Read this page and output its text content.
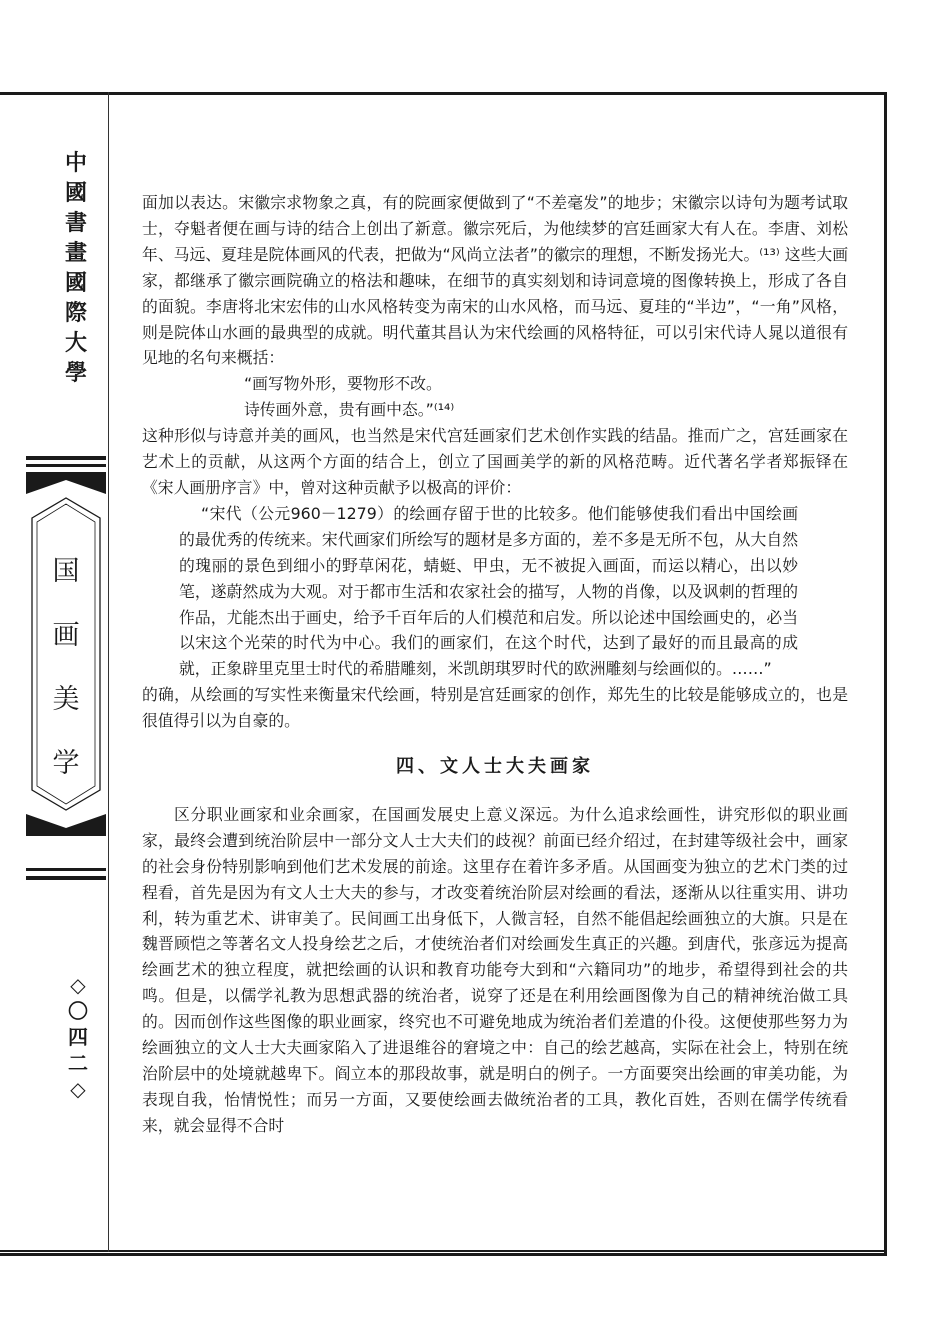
中
國
書
畫
國
際
大
學
国
画
美
学
◇
〇
四
二
◇

面加以表达。宋徽宗求物象之真，有的院画家便做到了“不差毫发”的地步；宋徽宗以诗句为题考试取士，夺魁者便在画与诗的结合上创出了新意。徽宗死后，为他续梦的宫廷画家大有人在。李唐、刘松年、马远、夏珪是院体画风的代表，把做为“风尚立法者”的徽宗的理想，不断发扬光大。⁽¹³⁾ 这些大画家，都继承了徽宗画院确立的格法和趣味，在细节的真实刻划和诗词意境的图像转换上，形成了各自的面貌。李唐将北宋宏伟的山水风格转变为南宋的山水风格，而马远、夏珪的“半边”，“一角”风格，则是院体山水画的最典型的成就。明代董其昌认为宋代绘画的风格特征，可以引宋代诗人晁以道很有见地的名句来概括：

“画写物外形，要物形不改。

诗传画外意，贵有画中态。”⁽¹⁴⁾

这种形似与诗意并美的画风，也当然是宋代宫廷画家们艺术创作实践的结晶。推而广之，宫廷画家在艺术上的贡献，从这两个方面的结合上，创立了国画美学的新的风格范畴。近代著名学者郑振铎在《宋人画册序言》中，曾对这种贡献予以极高的评价：

“宋代（公元960－1279）的绘画存留于世的比较多。他们能够使我们看出中国绘画的最优秀的传统来。宋代画家们所绘写的题材是多方面的，差不多是无所不包，从大自然的瑰丽的景色到细小的野草闲花，蜻蜓、甲虫，无不被捉入画面，而运以精心，出以妙笔，遂蔚然成为大观。对于都市生活和农家社会的描写，人物的肖像，以及讽刺的哲理的作品，尤能杰出于画史，给予千百年后的人们模范和启发。所以论述中国绘画史的，必当以宋这个光荣的时代为中心。我们的画家们，在这个时代，达到了最好的而且最高的成就，正象辟里克里士时代的希腊雕刻，米凯朗琪罗时代的欧洲雕刻与绘画似的。……”

的确，从绘画的写实性来衡量宋代绘画，特别是宫廷画家的创作，郑先生的比较是能够成立的，也是很值得引以为自豪的。

四、文人士大夫画家

区分职业画家和业余画家，在国画发展史上意义深远。为什么追求绘画性，讲究形似的职业画家，最终会遭到统治阶层中一部分文人士大夫们的歧视？前面已经介绍过，在封建等级社会中，画家的社会身份特别影响到他们艺术发展的前途。这里存在着许多矛盾。从国画变为独立的艺术门类的过程看，首先是因为有文人士大夫的参与，才改变着统治阶层对绘画的看法，逐渐从以往重实用、讲功利，转为重艺术、讲审美了。民间画工出身低下，人微言轻，自然不能倡起绘画独立的大旗。只是在魏晋顾恺之等著名文人投身绘艺之后，才使统治者们对绘画发生真正的兴趣。到唐代，张彦远为提高绘画艺术的独立程度，就把绘画的认识和教育功能夸大到和“六籍同功”的地步，希望得到社会的共鸣。但是，以儒学礼教为思想武器的统治者，说穿了还是在利用绘画图像为自己的精神统治做工具的。因而创作这些图像的职业画家，终究也不可避免地成为统治者们差遣的仆役。这便使那些努力为绘画独立的文人士大夫画家陷入了进退维谷的窘境之中：自己的绘艺越高，实际在社会上，特别在统治阶层中的处境就越卑下。阎立本的那段故事，就是明白的例子。一方面要突出绘画的审美功能，为表现自我，怡情悦性；而另一方面，又要使绘画去做统治者的工具，教化百姓，否则在儒学传统看来，就会显得不合时
